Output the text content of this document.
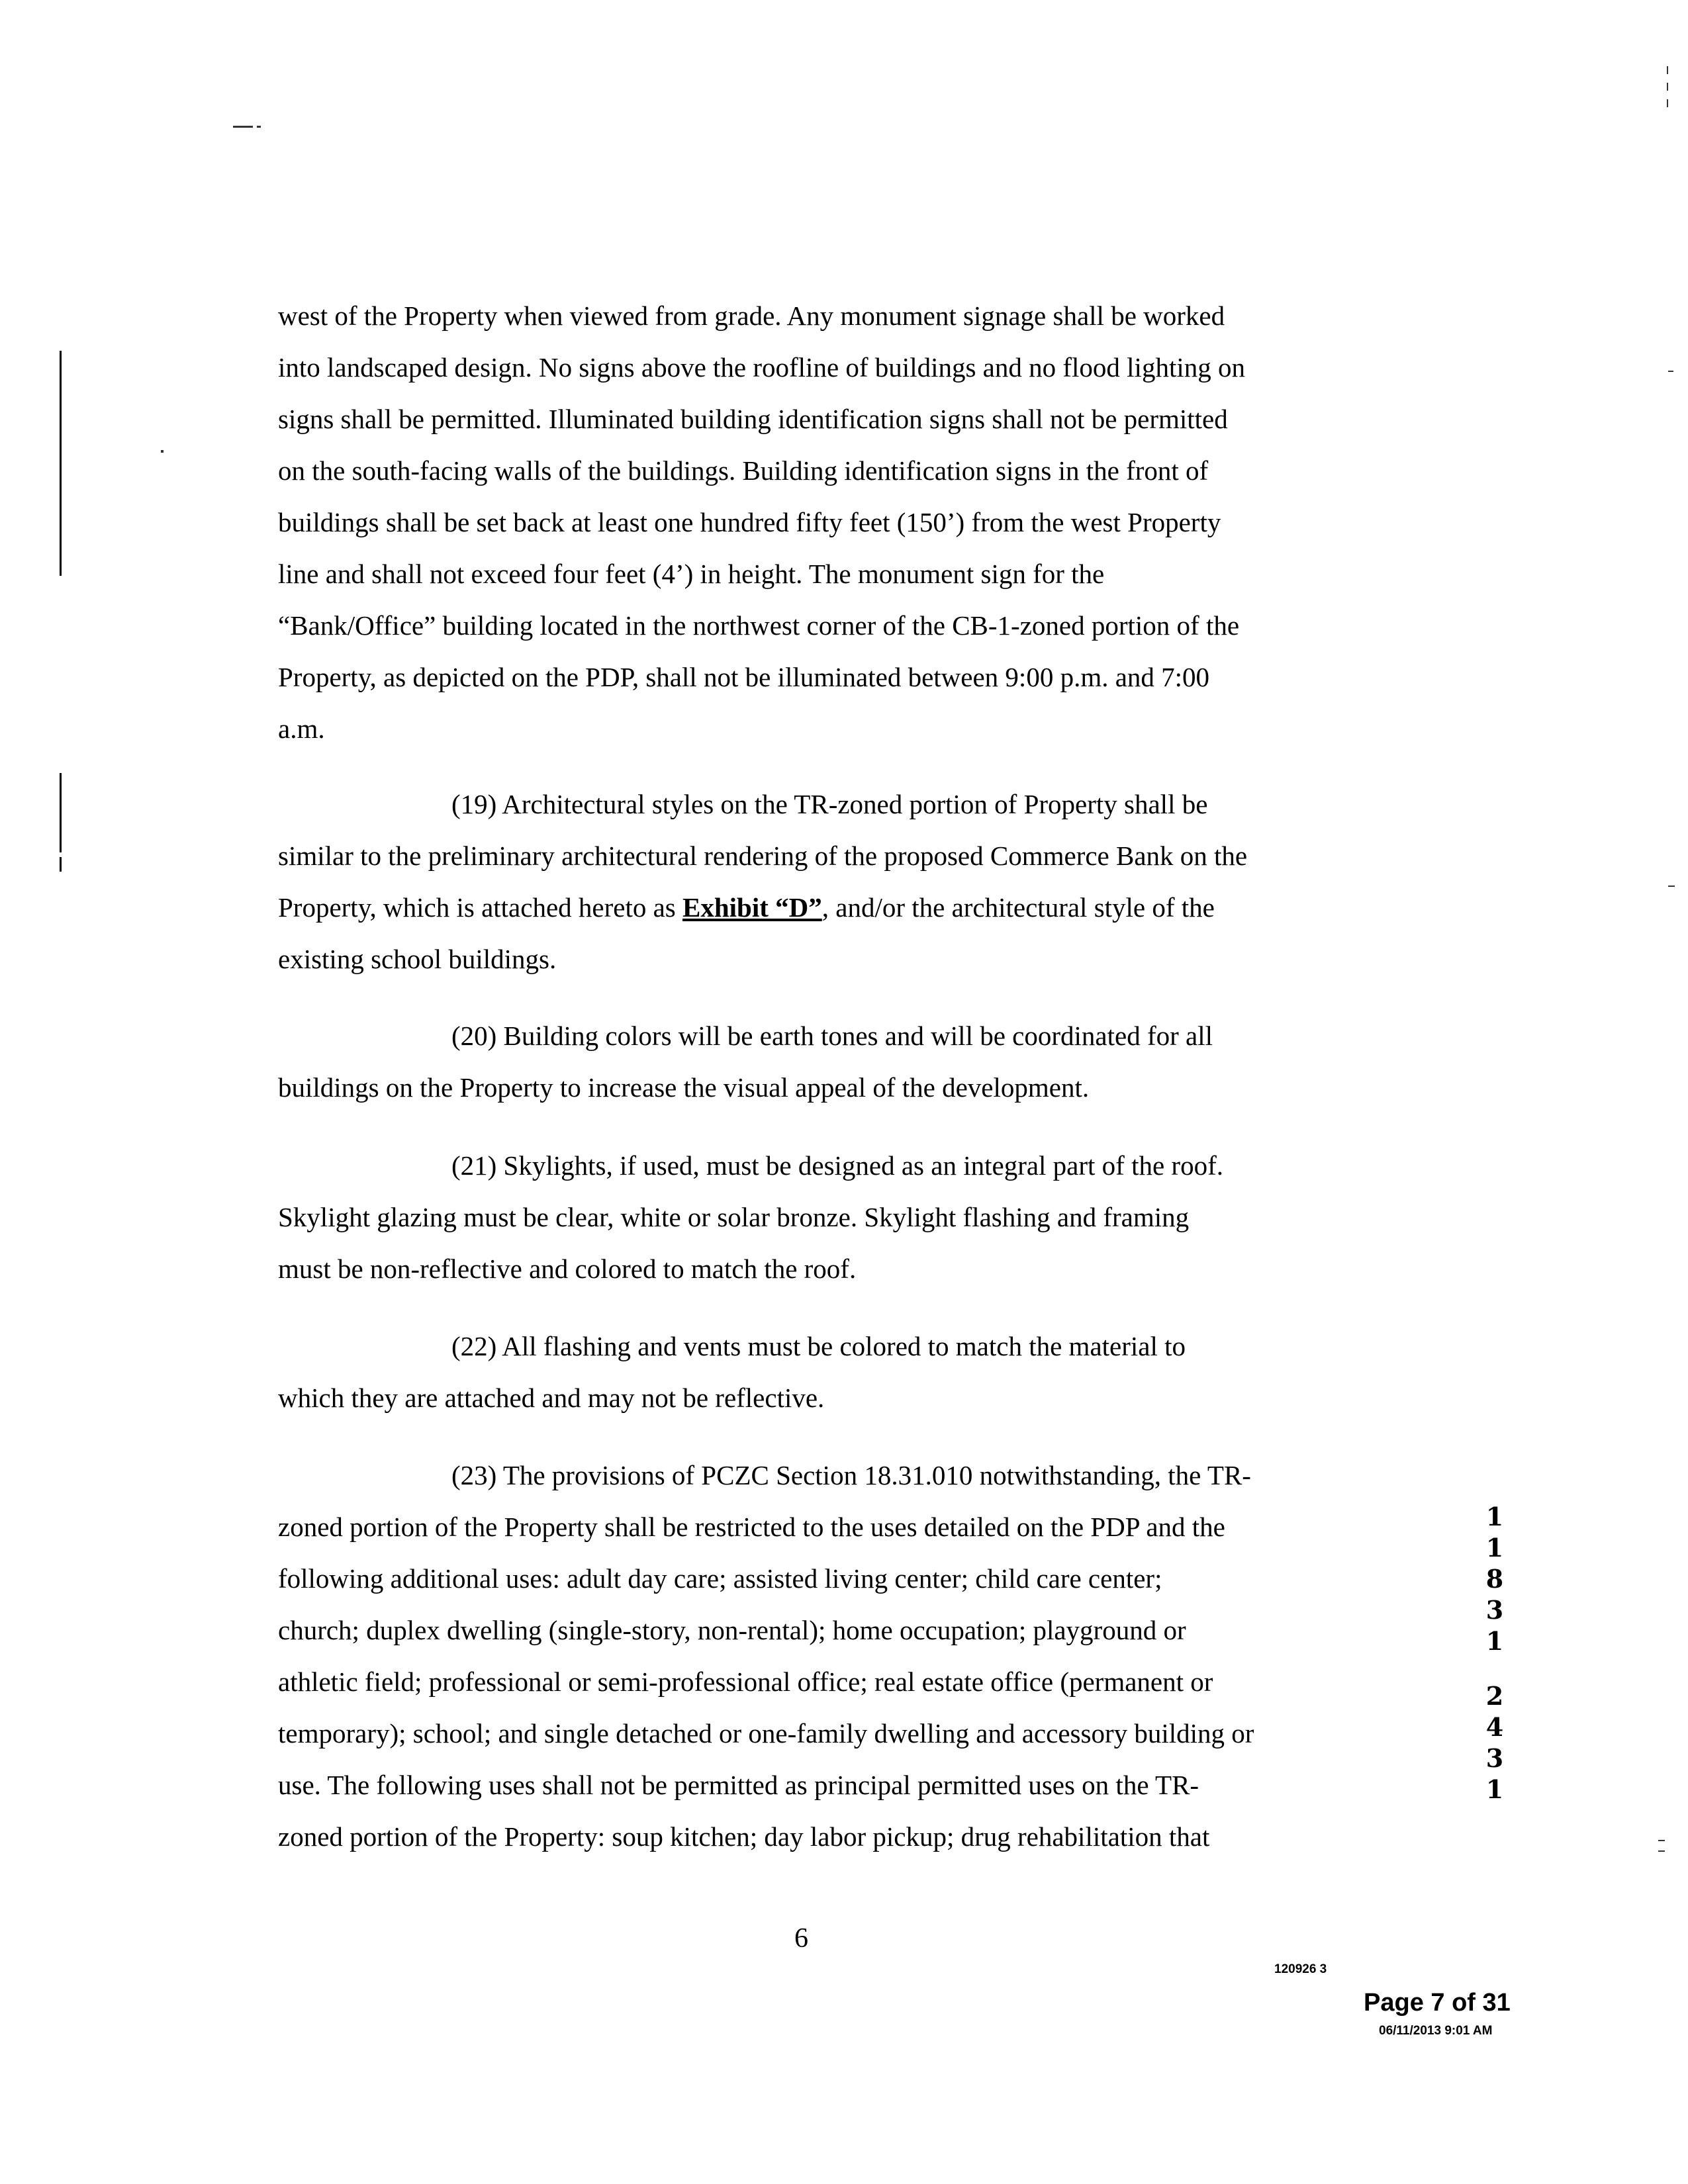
west of the Property when viewed from grade. Any monument signage shall be worked
into landscaped design. No signs above the roofline of buildings and no flood lighting on
signs shall be permitted. Illuminated building identification signs shall not be permitted
on the south-facing walls of the buildings. Building identification signs in the front of
buildings shall be set back at least one hundred fifty feet (150’) from the west Property
line and shall not exceed four feet (4’) in height. The monument sign for the
“Bank/Office” building located in the northwest corner of the CB-1-zoned portion of the
Property, as depicted on the PDP, shall not be illuminated between 9:00 p.m. and 7:00
a.m.
(19) Architectural styles on the TR-zoned portion of Property shall be
similar to the preliminary architectural rendering of the proposed Commerce Bank on the
Property, which is attached hereto as Exhibit “D”, and/or the architectural style of the
existing school buildings.
(20) Building colors will be earth tones and will be coordinated for all
buildings on the Property to increase the visual appeal of the development.
(21) Skylights, if used, must be designed as an integral part of the roof.
Skylight glazing must be clear, white or solar bronze. Skylight flashing and framing
must be non-reflective and colored to match the roof.
(22) All flashing and vents must be colored to match the material to
which they are attached and may not be reflective.
(23) The provisions of PCZC Section 18.31.010 notwithstanding, the TR-
zoned portion of the Property shall be restricted to the uses detailed on the PDP and the
following additional uses: adult day care; assisted living center; child care center;
church; duplex dwelling (single-story, non-rental); home occupation; playground or
athletic field; professional or semi-professional office; real estate office (permanent or
temporary); school; and single detached or one-family dwelling and accessory building or
use. The following uses shall not be permitted as principal permitted uses on the TR-
zoned portion of the Property: soup kitchen; day labor pickup; drug rehabilitation that
6
120926 3
Page 7 of 31
06/11/2013 9:01 AM
1
1
8
3
1
2
4
3
1
